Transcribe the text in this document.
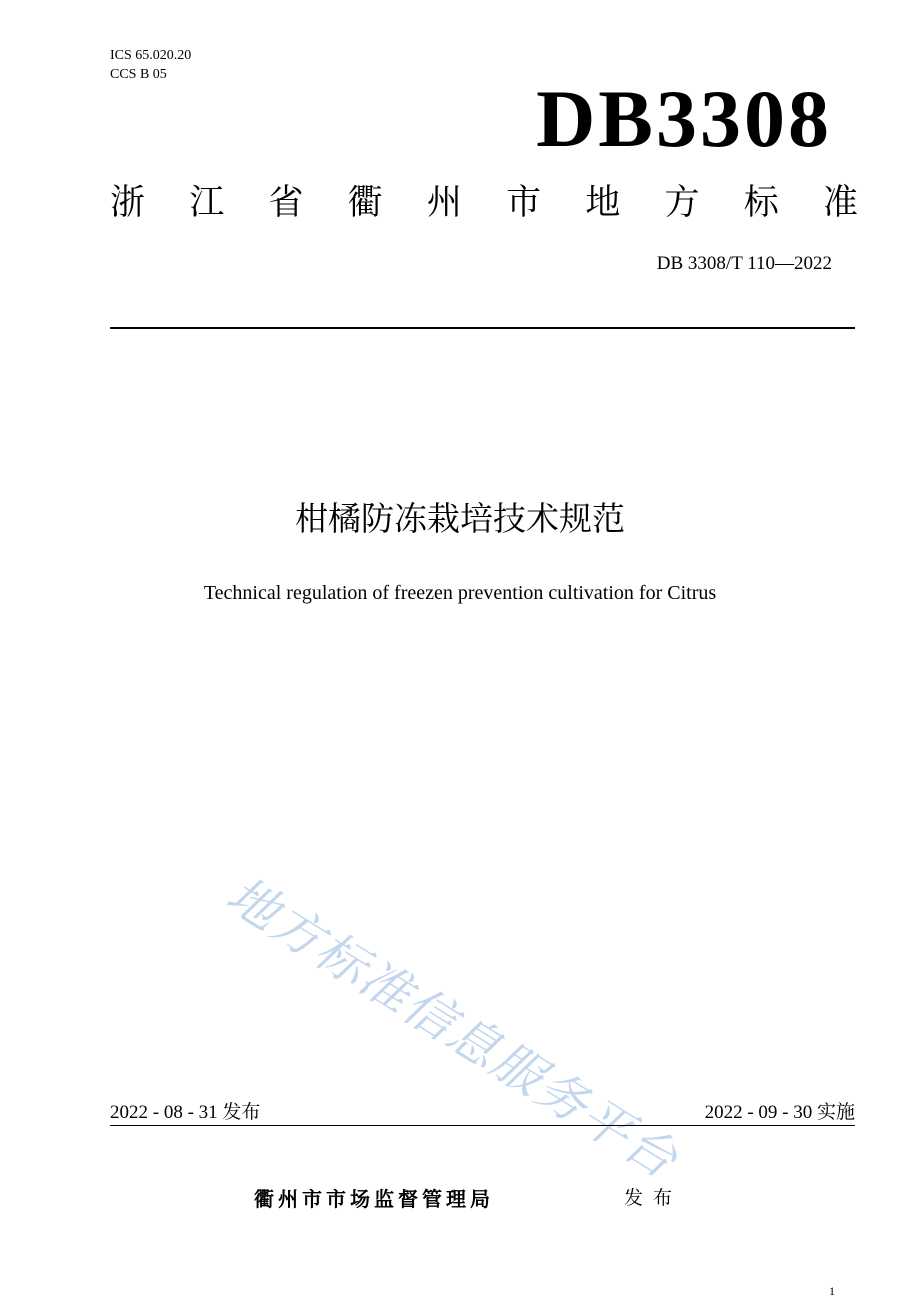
ICS 65.020.20
CCS B 05	DB3308
浙 江 省 衢 州 市 地 方 标 准
DB 3308/T 110—2022
柑橘防冻栽培技术规范
Technical regulation of freezen prevention cultivation for Citrus
地方标准信息服务平台
2022 - 08 - 31 发布	2022 - 09 - 30 实施
衢州市市场监督管理局	发布
1
